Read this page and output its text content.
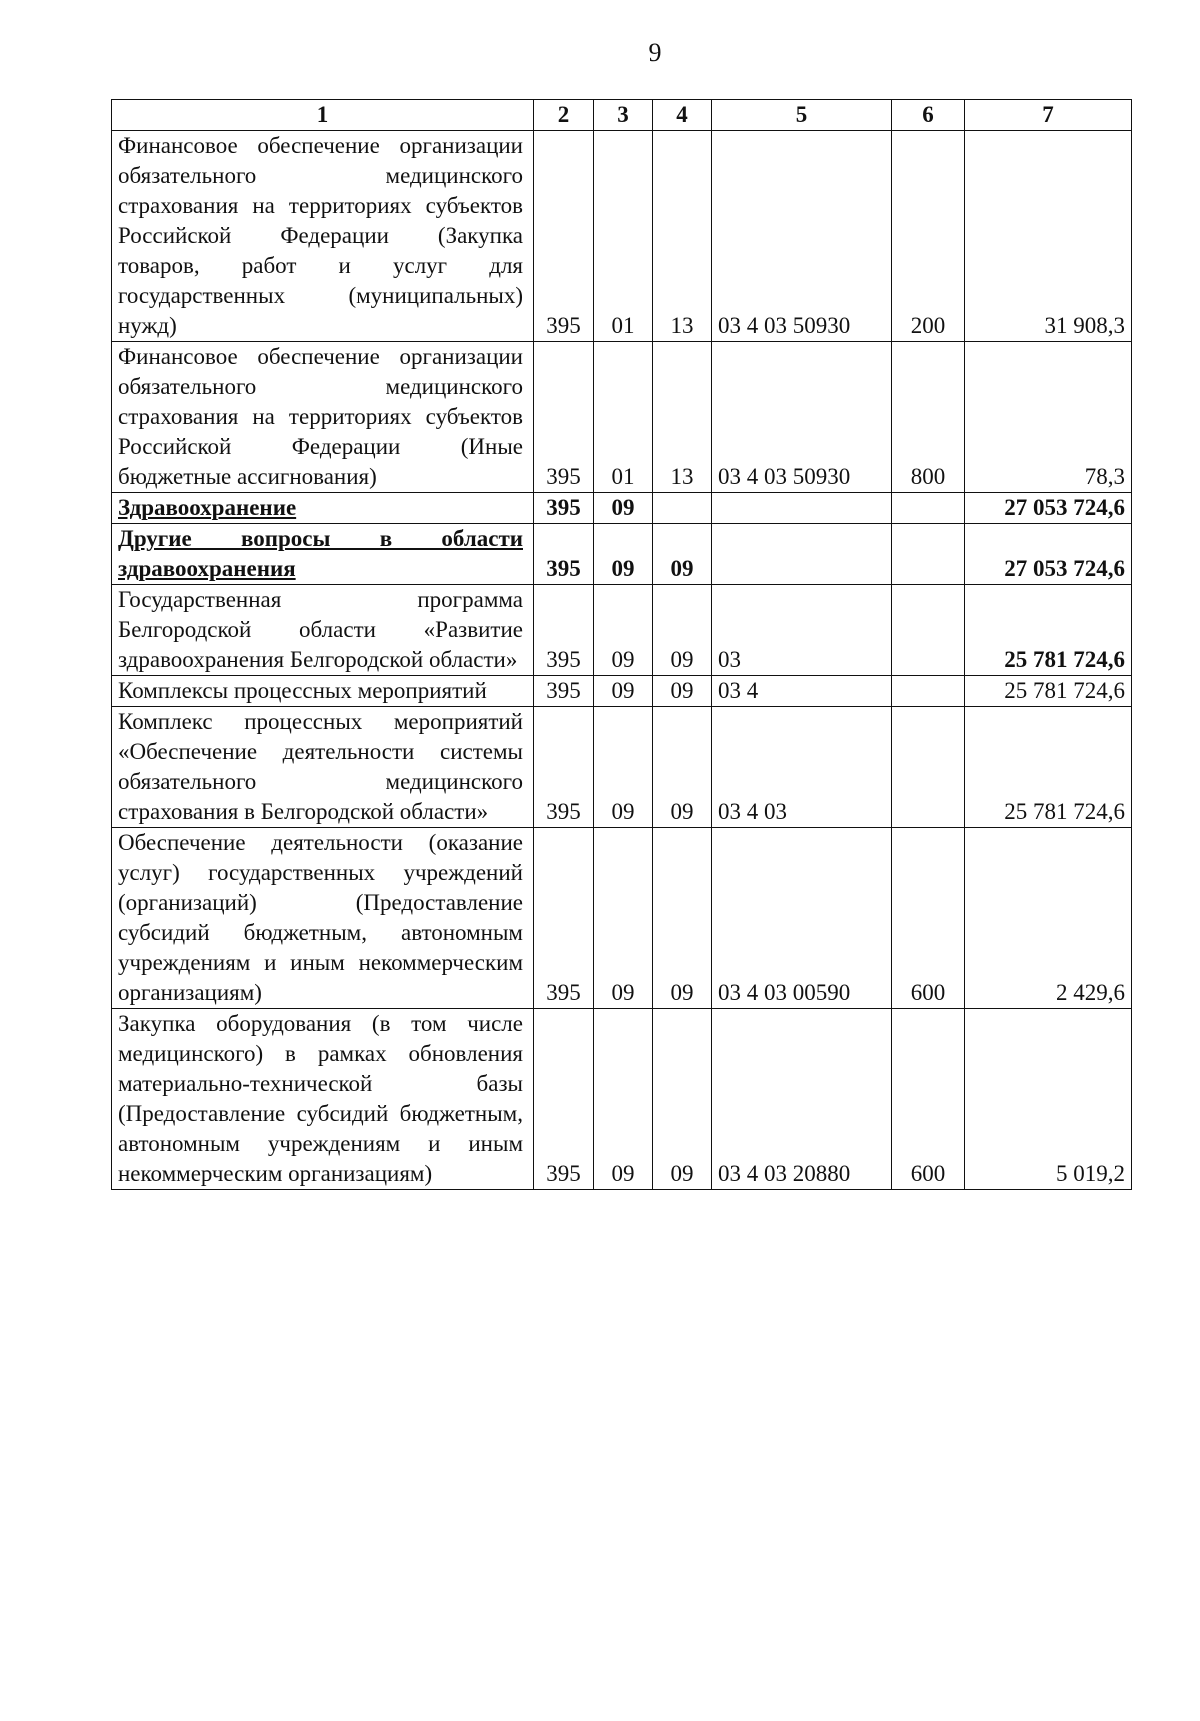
9
1	2	3	4	5	6	7
Финансовое обеспечение организации обязательного медицинского страхования на территориях субъектов Российской Федерации (Закупка товаров, работ и услуг для государственных (муниципальных) нужд)	395	01	13	03 4 03 50930	200	31 908,3
Финансовое обеспечение организации обязательного медицинского страхования на территориях субъектов Российской Федерации (Иные бюджетные ассигнования)	395	01	13	03 4 03 50930	800	78,3
Здравоохранение	395	09				27 053 724,6
Другие вопросы в области здравоохранения	395	09	09			27 053 724,6
Государственная программа Белгородской области «Развитие здравоохранения Белгородской области»	395	09	09	03		25 781 724,6
Комплексы процессных мероприятий	395	09	09	03 4		25 781 724,6
Комплекс процессных мероприятий «Обеспечение деятельности системы обязательного медицинского страхования в Белгородской области»	395	09	09	03 4 03		25 781 724,6
Обеспечение деятельности (оказание услуг) государственных учреждений (организаций) (Предоставление субсидий бюджетным, автономным учреждениям и иным некоммерческим организациям)	395	09	09	03 4 03 00590	600	2 429,6
Закупка оборудования (в том числе медицинского) в рамках обновления материально-технической базы (Предоставление субсидий бюджетным, автономным учреждениям и иным некоммерческим организациям)	395	09	09	03 4 03 20880	600	5 019,2
